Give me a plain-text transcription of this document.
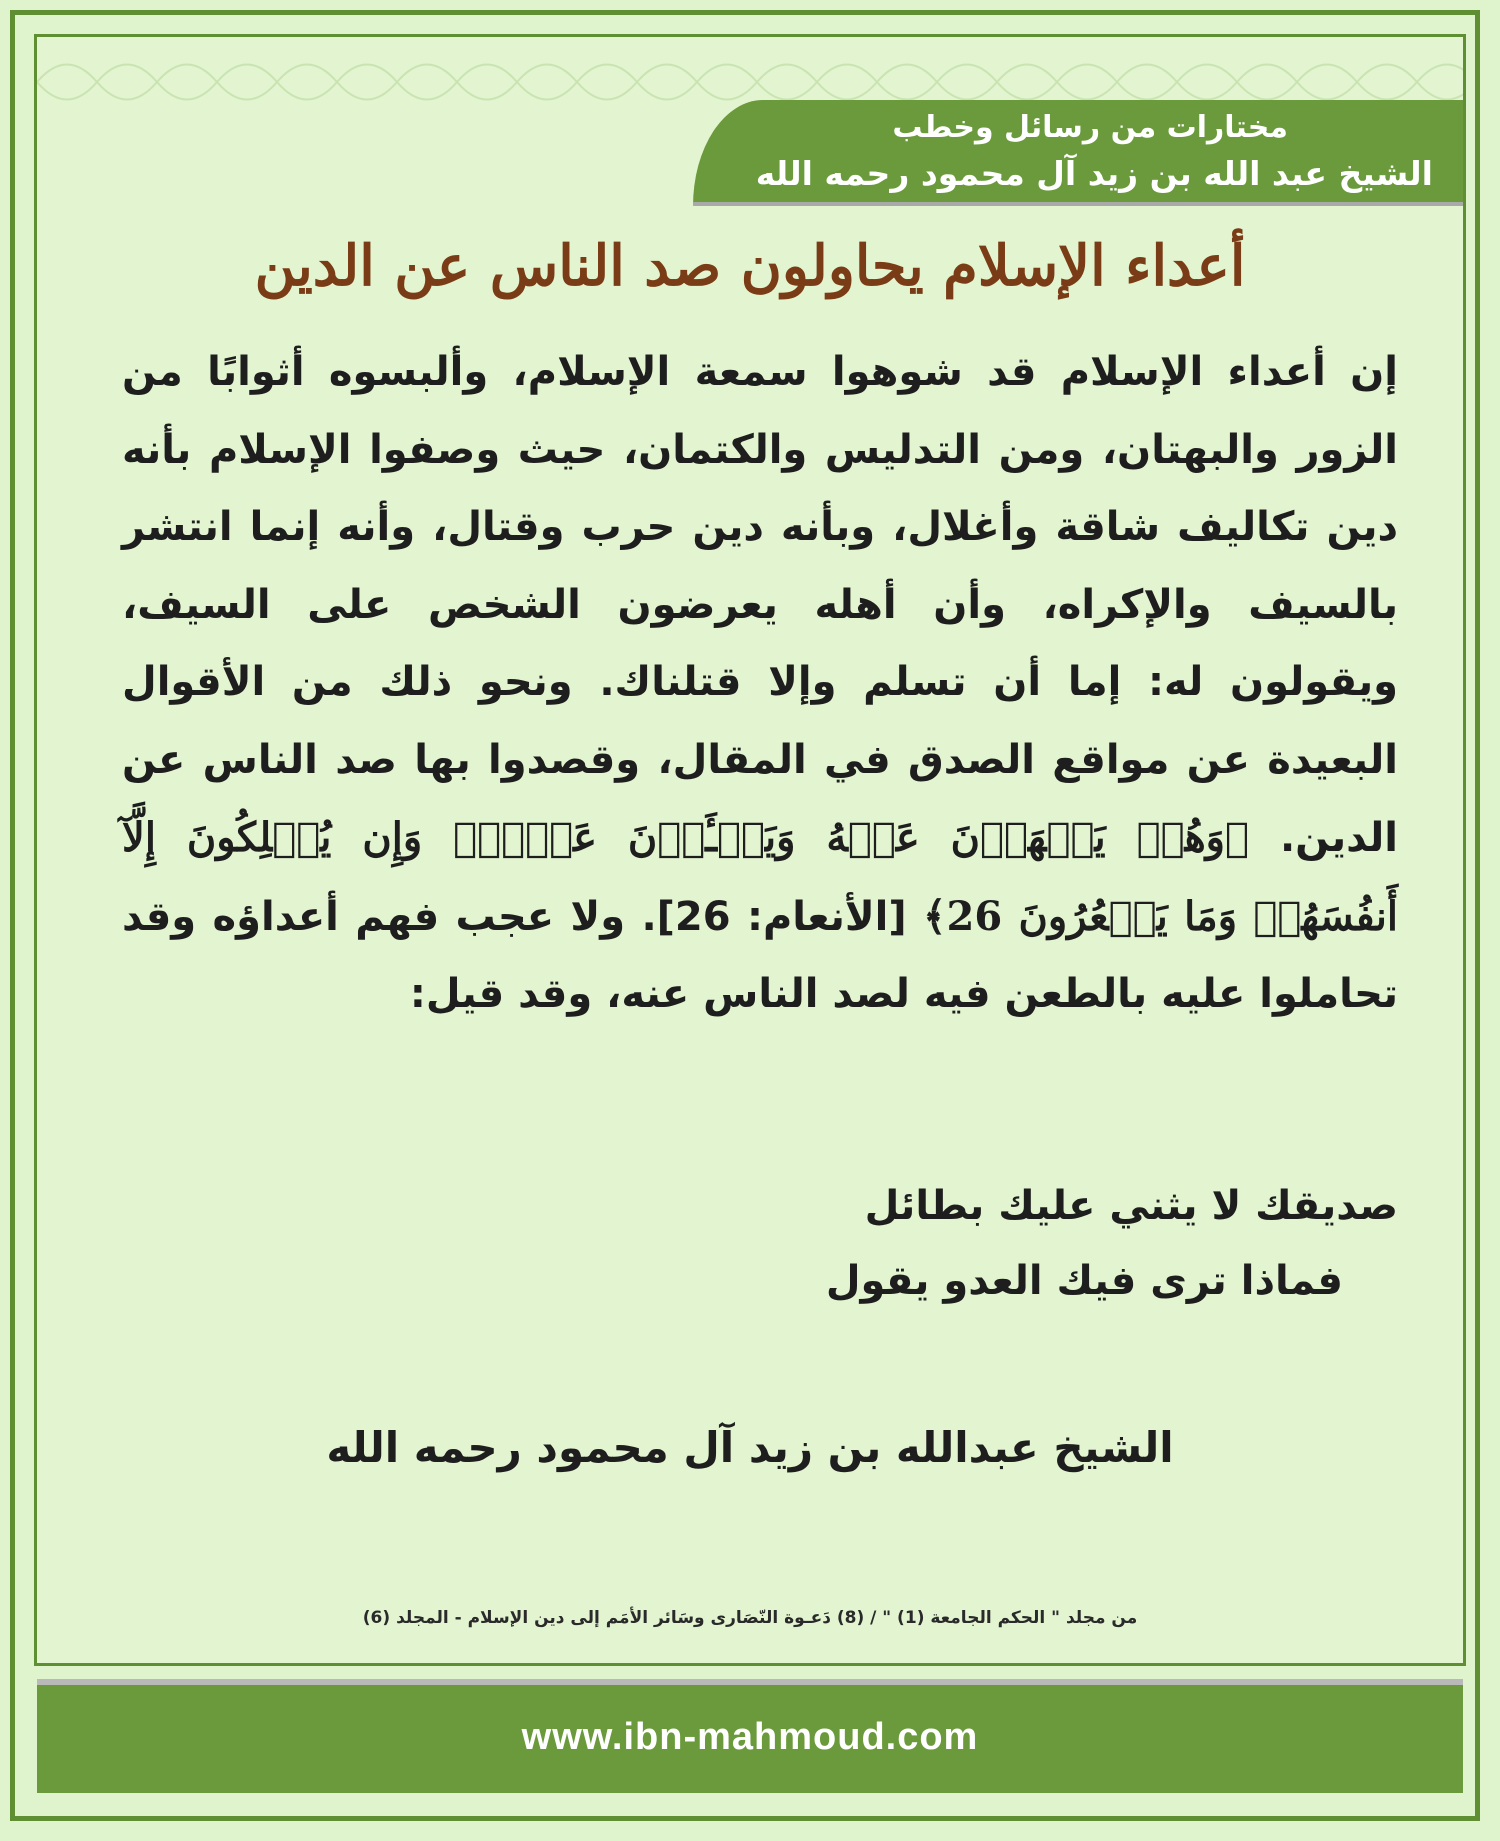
مختارات من رسائل وخطب
الشيخ عبد الله بن زيد آل محمود رحمه الله
أعداء الإسلام يحاولون صد الناس عن الدين

إن أعداء الإسلام قد شوهوا سمعة الإسلام، وألبسوه أثوابًا من الزور والبهتان، ومن التدليس والكتمان، حيث وصفوا الإسلام بأنه دين تكاليف شاقة وأغلال، وبأنه دين حرب وقتال، وأنه إنما انتشر بالسيف والإكراه، وأن أهله يعرضون الشخص على السيف، ويقولون له: إما أن تسلم وإلا قتلناك. ونحو ذلك من الأقوال البعيدة عن مواقع الصدق في المقال، وقصدوا بها صد الناس عن الدين. ﴿وَهُمۡ يَنۡهَوۡنَ عَنۡهُ وَيَنۡـَٔوۡنَ عَنۡهُۖ وَإِن يُهۡلِكُونَ إِلَّآ أَنفُسَهُمۡ وَمَا يَشۡعُرُونَ 26﴾ [الأنعام: 26]. ولا عجب فهم أعداؤه وقد تحاملوا عليه بالطعن فيه لصد الناس عنه، وقد قيل:

صديقك لا يثني عليك بطائل
فماذا ترى فيك العدو يقول
الشيخ عبدالله بن زيد آل محمود رحمه الله
من مجلد " الحكم الجامعة (1) " / (8) دَعـوة النّصَارى وسَائر الأمَم إلى دين الإسلام - المجلد (6)
www.ibn-mahmoud.com
